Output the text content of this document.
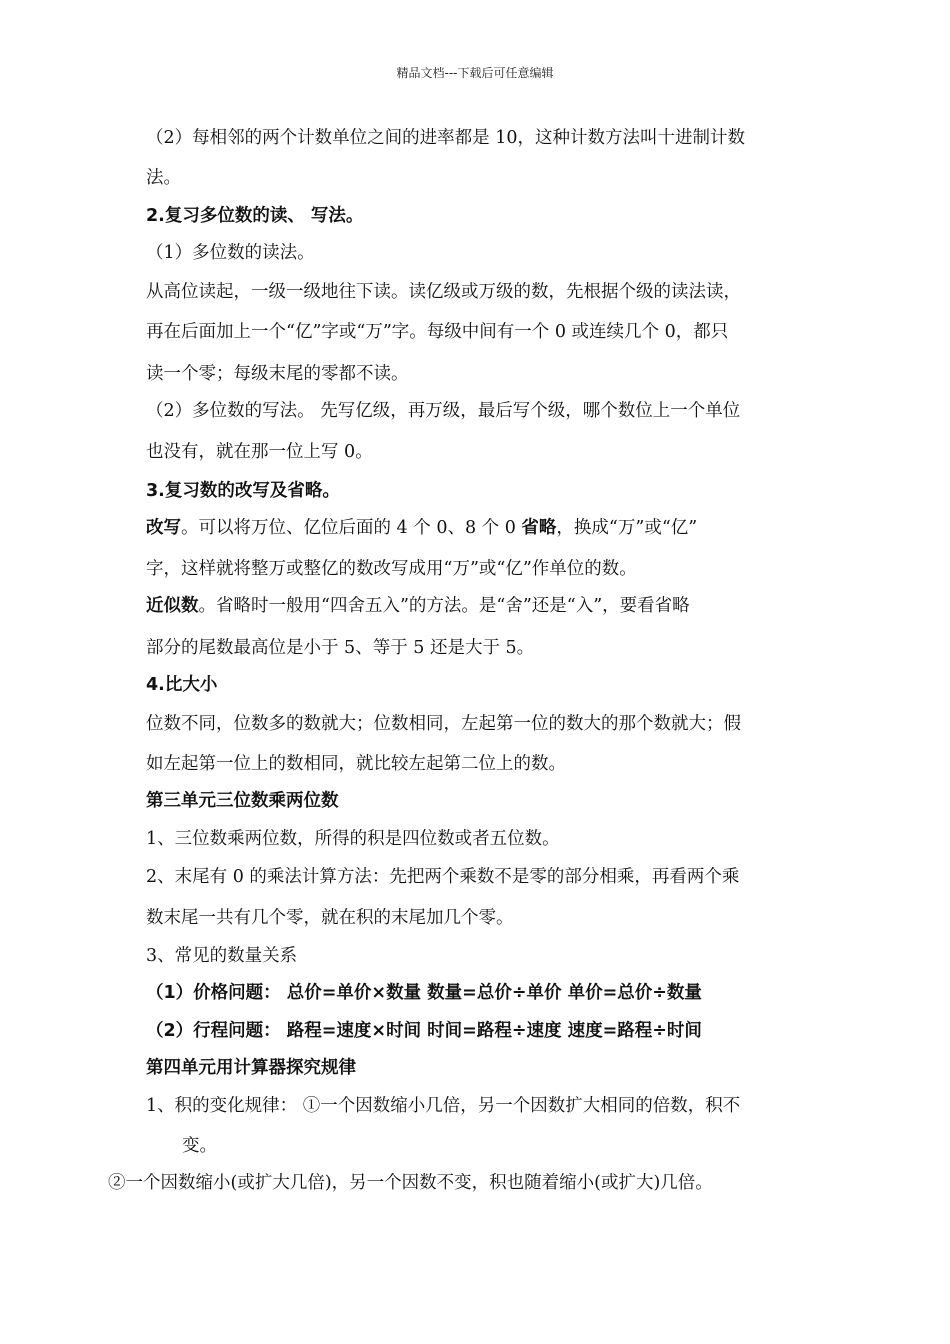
精品文档---下载后可任意编辑
（2）每相邻的两个计数单位之间的进率都是 10，这种计数方法叫十进制计数
法。
2.复习多位数的读、 写法。
（1）多位数的读法。
从高位读起，一级一级地往下读。读亿级或万级的数，先根据个级的读法读，
再在后面加上一个“亿”字或“万”字。每级中间有一个 0 或连续几个 0，都只
读一个零；每级末尾的零都不读。
（2）多位数的写法。 先写亿级，再万级，最后写个级，哪个数位上一个单位
也没有，就在那一位上写 0。
3.复习数的改写及省略。
改写。可以将万位、亿位后面的 4 个 0、8 个 0 省略，换成“万”或“亿”
字，这样就将整万或整亿的数改写成用“万”或“亿”作单位的数。
近似数。省略时一般用“四舍五入”的方法。是“舍”还是“入”，要看省略
部分的尾数最高位是小于 5、等于 5 还是大于 5。
4.比大小
位数不同，位数多的数就大；位数相同，左起第一位的数大的那个数就大；假
如左起第一位上的数相同，就比较左起第二位上的数。
第三单元三位数乘两位数
1、三位数乘两位数，所得的积是四位数或者五位数。
2、末尾有 0 的乘法计算方法：先把两个乘数不是零的部分相乘，再看两个乘
数末尾一共有几个零，就在积的末尾加几个零。
3、常见的数量关系
（1）价格问题： 总价=单价×数量 数量=总价÷单价 单价=总价÷数量
（2）行程问题： 路程=速度×时间 时间=路程÷速度 速度=路程÷时间
第四单元用计算器探究规律
1、积的变化规律： ①一个因数缩小几倍，另一个因数扩大相同的倍数，积不
变。
②一个因数缩小(或扩大几倍)，另一个因数不变，积也随着缩小(或扩大)几倍。
